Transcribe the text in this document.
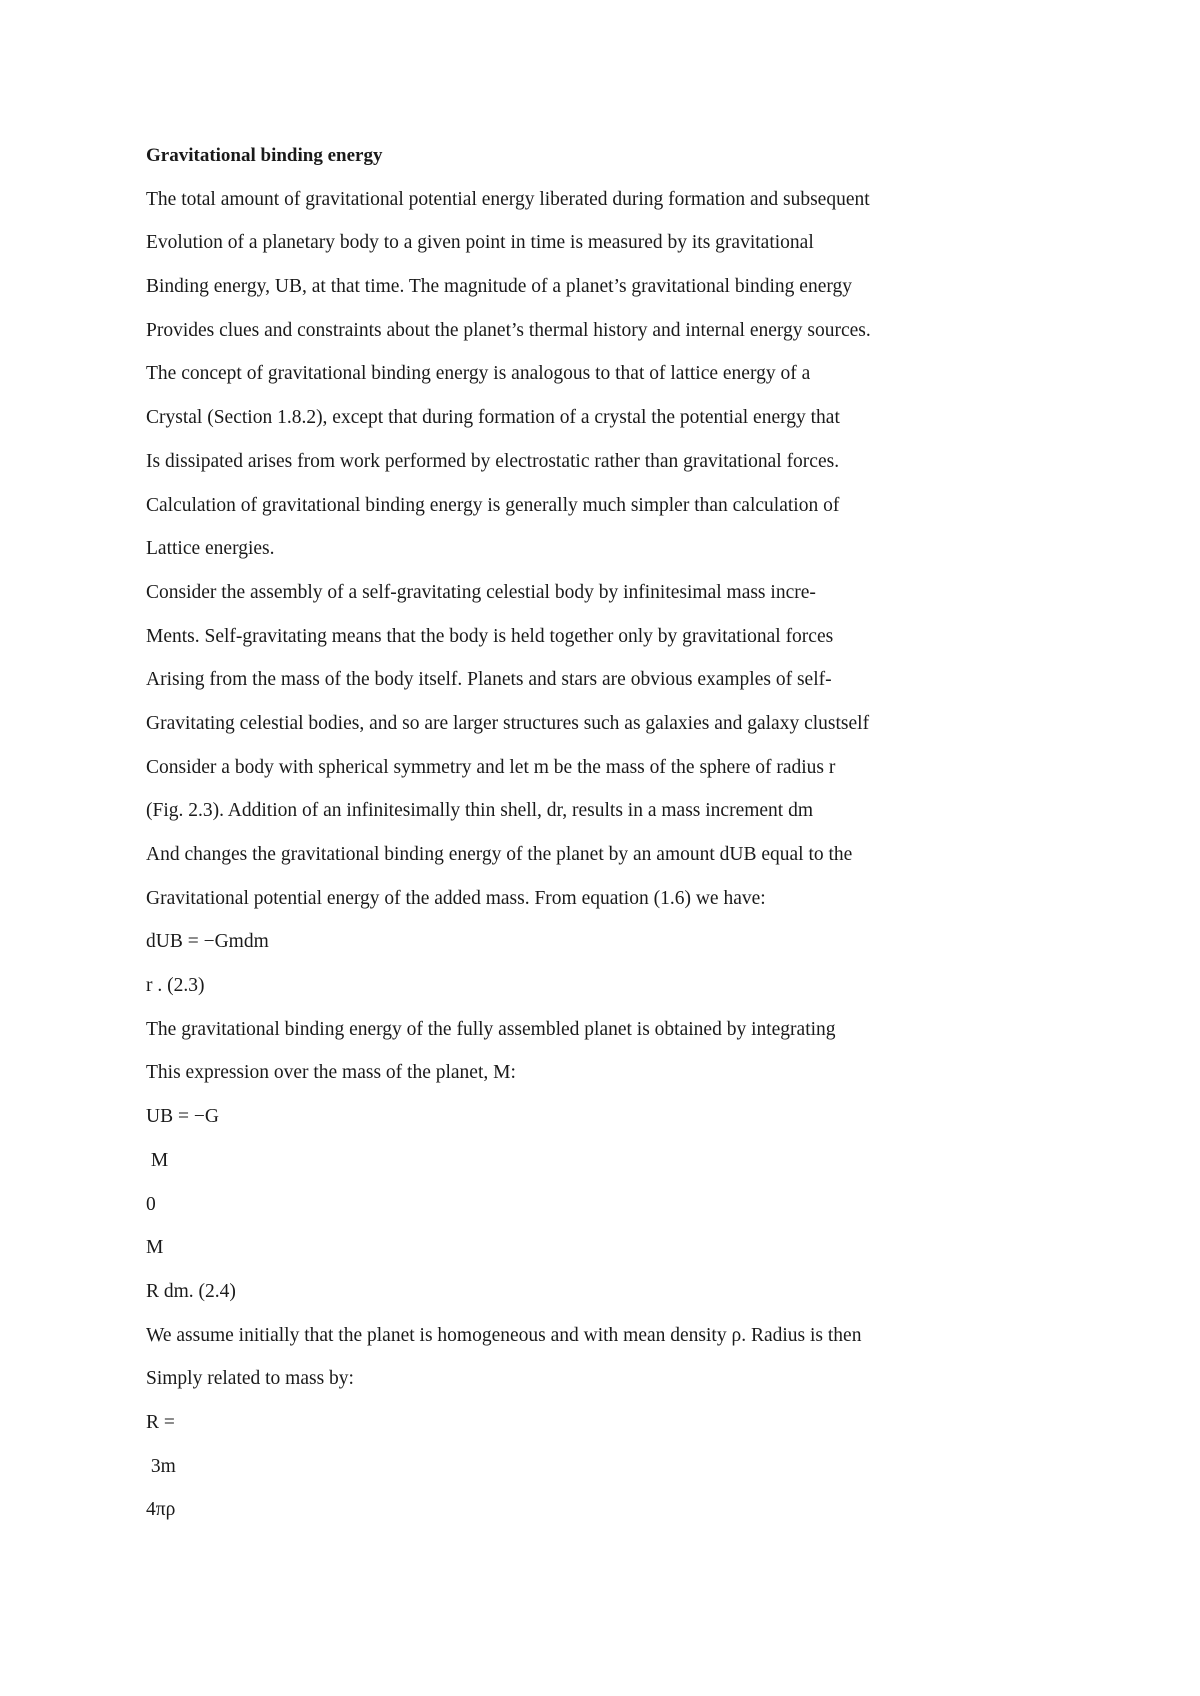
Gravitational binding energy
The total amount of gravitational potential energy liberated during formation and subsequent
Evolution of a planetary body to a given point in time is measured by its gravitational
Binding energy, UB, at that time. The magnitude of a planet’s gravitational binding energy
Provides clues and constraints about the planet’s thermal history and internal energy sources.
The concept of gravitational binding energy is analogous to that of lattice energy of a
Crystal (Section 1.8.2), except that during formation of a crystal the potential energy that
Is dissipated arises from work performed by electrostatic rather than gravitational forces.
Calculation of gravitational binding energy is generally much simpler than calculation of
Lattice energies.
Consider the assembly of a self-gravitating celestial body by infinitesimal mass incre-
Ments. Self-gravitating means that the body is held together only by gravitational forces
Arising from the mass of the body itself. Planets and stars are obvious examples of self-
Gravitating celestial bodies, and so are larger structures such as galaxies and galaxy clustself
Consider a body with spherical symmetry and let m be the mass of the sphere of radius r
(Fig. 2.3). Addition of an infinitesimally thin shell, dr, results in a mass increment dm
And changes the gravitational binding energy of the planet by an amount dUB equal to the
Gravitational potential energy of the added mass. From equation (1.6) we have:
dUB = −Gmdm
r . (2.3)
The gravitational binding energy of the fully assembled planet is obtained by integrating
This expression over the mass of the planet, M:
UB = −G
M
0
M
R dm. (2.4)
We assume initially that the planet is homogeneous and with mean density ρ. Radius is then
Simply related to mass by:
R =
3m
4πρ
